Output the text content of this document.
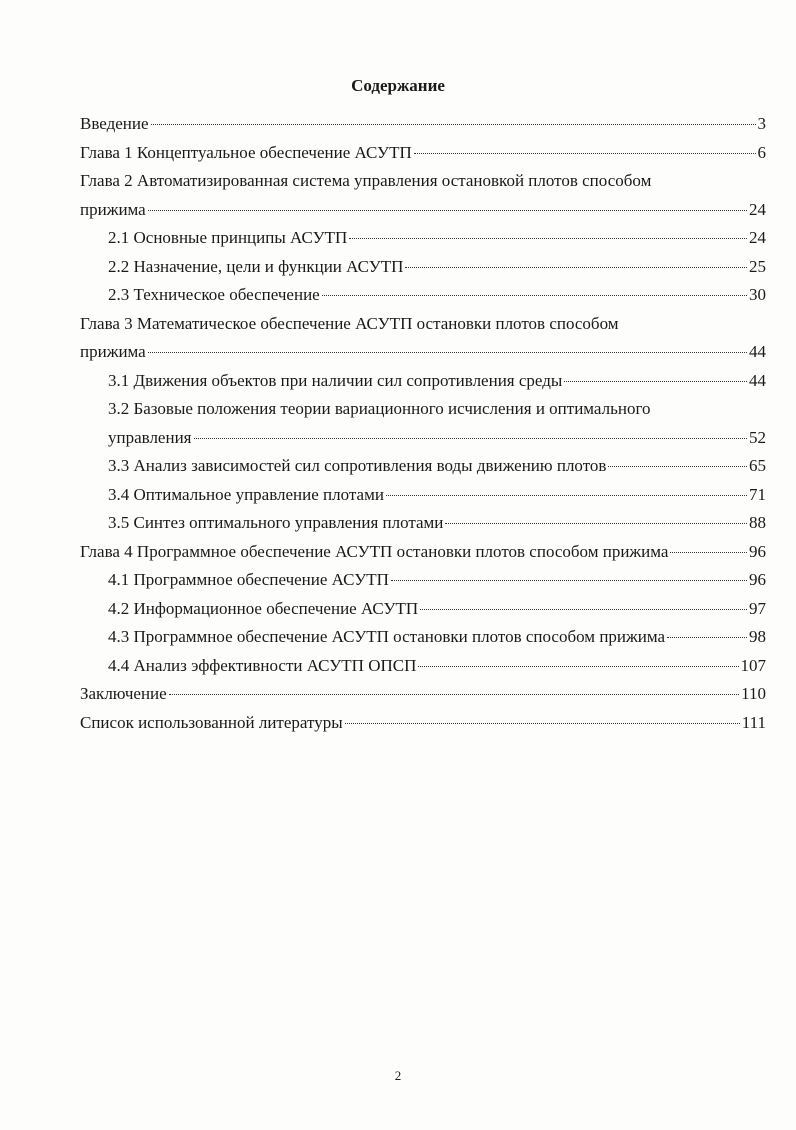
Содержание
Введение	3
Глава 1 Концептуальное обеспечение АСУТП	6
Глава 2 Автоматизированная система управления остановкой плотов способом
прижима	24
2.1 Основные принципы АСУТП	24
2.2 Назначение, цели и функции АСУТП	25
2.3 Техническое обеспечение	30
Глава 3 Математическое обеспечение АСУТП остановки плотов способом
прижима	44
3.1 Движения объектов при наличии сил сопротивления среды	44
3.2 Базовые положения теории вариационного исчисления и оптимального
управления	52
3.3 Анализ зависимостей сил сопротивления воды движению плотов	65
3.4 Оптимальное управление плотами	71
3.5 Синтез оптимального управления плотами	88
Глава 4 Программное обеспечение АСУТП остановки плотов способом прижима	96
4.1 Программное обеспечение АСУТП	96
4.2 Информационное обеспечение АСУТП	97
4.3 Программное обеспечение АСУТП остановки плотов способом прижима	98
4.4 Анализ эффективности АСУТП ОПСП	107
Заключение	110
Список использованной литературы	111
2
